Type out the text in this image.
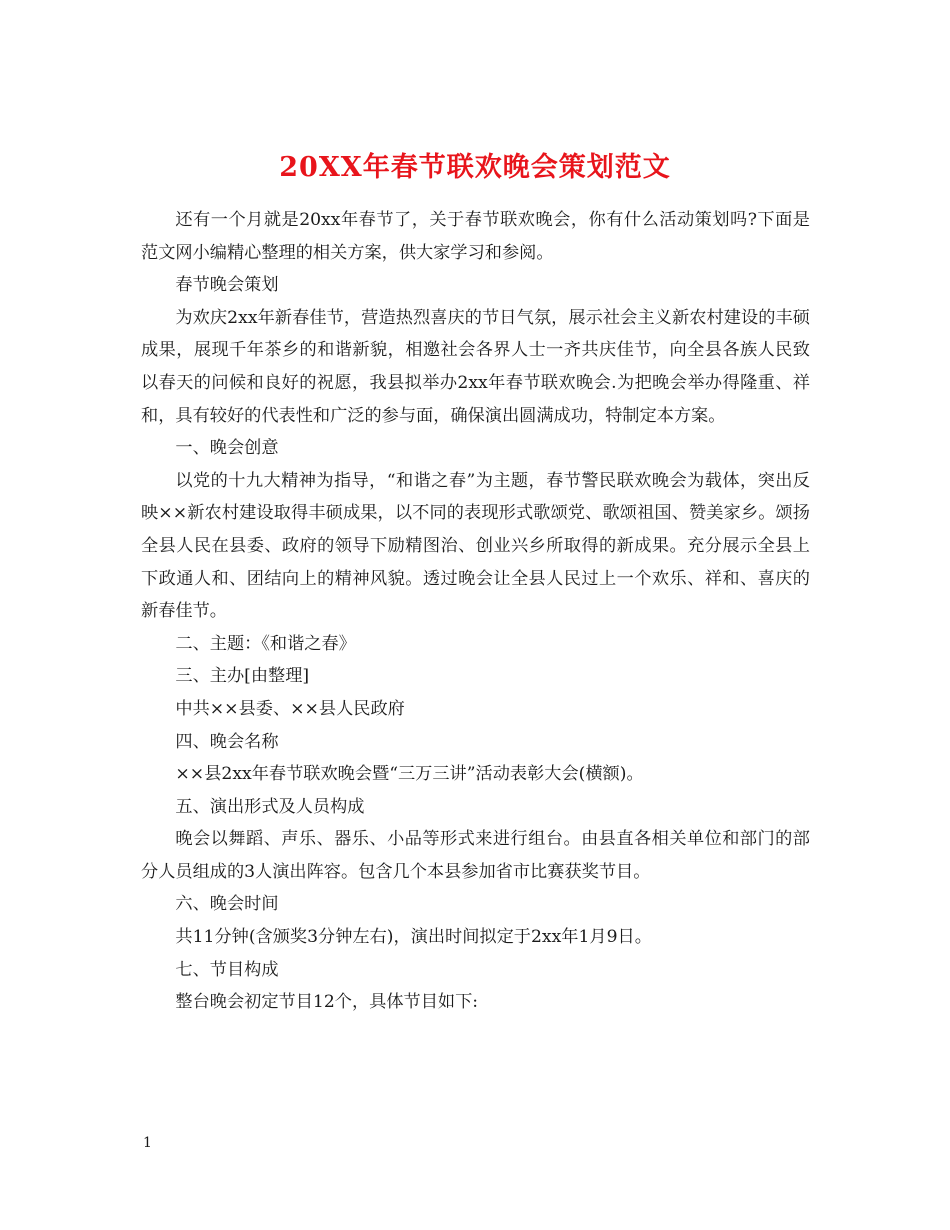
20XX年春节联欢晚会策划范文

还有一个月就是20xx年春节了，关于春节联欢晚会，你有什么活动策划吗?下面是范文网小编精心整理的相关方案，供大家学习和参阅。

春节晚会策划

为欢庆2xx年新春佳节，营造热烈喜庆的节日气氛，展示社会主义新农村建设的丰硕成果，展现千年茶乡的和谐新貌，相邀社会各界人士一齐共庆佳节，向全县各族人民致以春天的问候和良好的祝愿，我县拟举办2xx年春节联欢晚会.为把晚会举办得隆重、祥和，具有较好的代表性和广泛的参与面，确保演出圆满成功，特制定本方案。

一、晚会创意

以党的十九大精神为指导，“和谐之春”为主题，春节警民联欢晚会为载体，突出反映××新农村建设取得丰硕成果，以不同的表现形式歌颂党、歌颂祖国、赞美家乡。颂扬全县人民在县委、政府的领导下励精图治、创业兴乡所取得的新成果。充分展示全县上下政通人和、团结向上的精神风貌。透过晚会让全县人民过上一个欢乐、祥和、喜庆的新春佳节。

二、主题：《和谐之春》

三、主办[由整理]

中共××县委、××县人民政府

四、晚会名称

××县2xx年春节联欢晚会暨“三万三讲”活动表彰大会(横额)。

五、演出形式及人员构成

晚会以舞蹈、声乐、器乐、小品等形式来进行组台。由县直各相关单位和部门的部分人员组成的3人演出阵容。包含几个本县参加省市比赛获奖节目。

六、晚会时间

共11分钟(含颁奖3分钟左右)，演出时间拟定于2xx年1月9日。

七、节目构成

整台晚会初定节目12个，具体节目如下:

1
